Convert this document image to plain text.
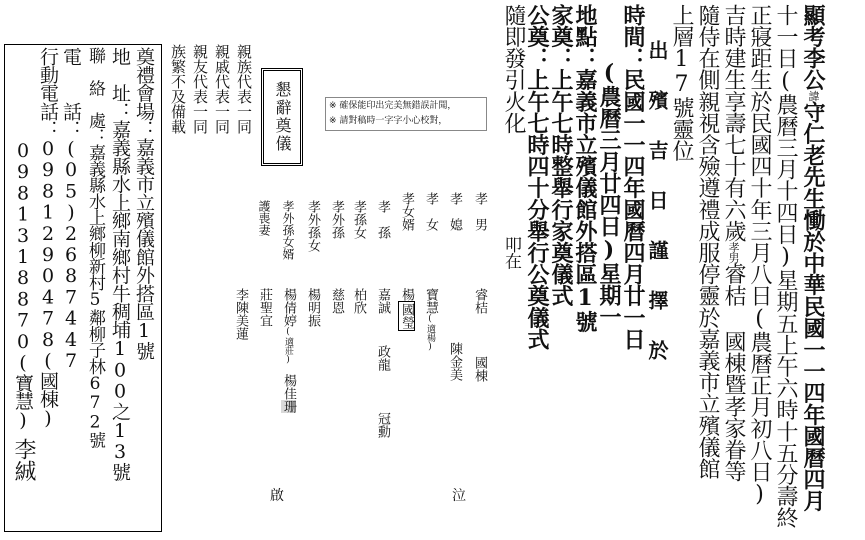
顯考李公諱守仁老先生慟於中華民國一一四年國曆四月
十一日(農曆三月十四日)星期五上午六時十五分壽終
正寢距生於民國四十年三月八日(農曆正月初八日)
吉時建生享壽七十有六歲孝男睿桔 國棟暨孝家眷等
隨侍在側親視含殮遵禮成服停靈於嘉義市立殯儀館
上層17號靈位
出 殯 吉 日 謹 擇 於
時間：民國一一四年國曆四月廿一日
(農曆三月廿四日)星期一
地點：嘉義市立殯儀館外搭區1號
家奠：上午七時整舉行家奠儀式
公奠：上午七時四十分舉行公奠儀式
隨即發引火化
叩在
孝　男
孝　媳
孝　女
孝女婿
孝　孫
孝孫女
孝外孫
孝外孫女
孝外孫女婿
護喪妻
睿桔
國棟
陳金美
寶慧(適楊)
楊國瑩
嘉誠
政龍
冠勳
柏欣
慈恩
楊明振
楊倩婷(適莊)
楊佳珊
莊聖宜
李陳美蓮
泣
啟
※ 確保能印出完美無錯誤計聞，
※ 請對稿時一字字小心校對，
懇辭奠儀
親族代表一同
親戚代表一同
親友代表一同
族繁不及備載
奠禮會場：嘉義市立殯儀館外搭區1號
地　址：嘉義縣水上鄉南鄉村牛稠埔100之13號
聯　絡　處：嘉義縣水上鄉柳新村5鄰柳子林672號
電　　話：(05)2687447
行動電話：0981290478(國棟)
0981318870(寶慧)
李絾
